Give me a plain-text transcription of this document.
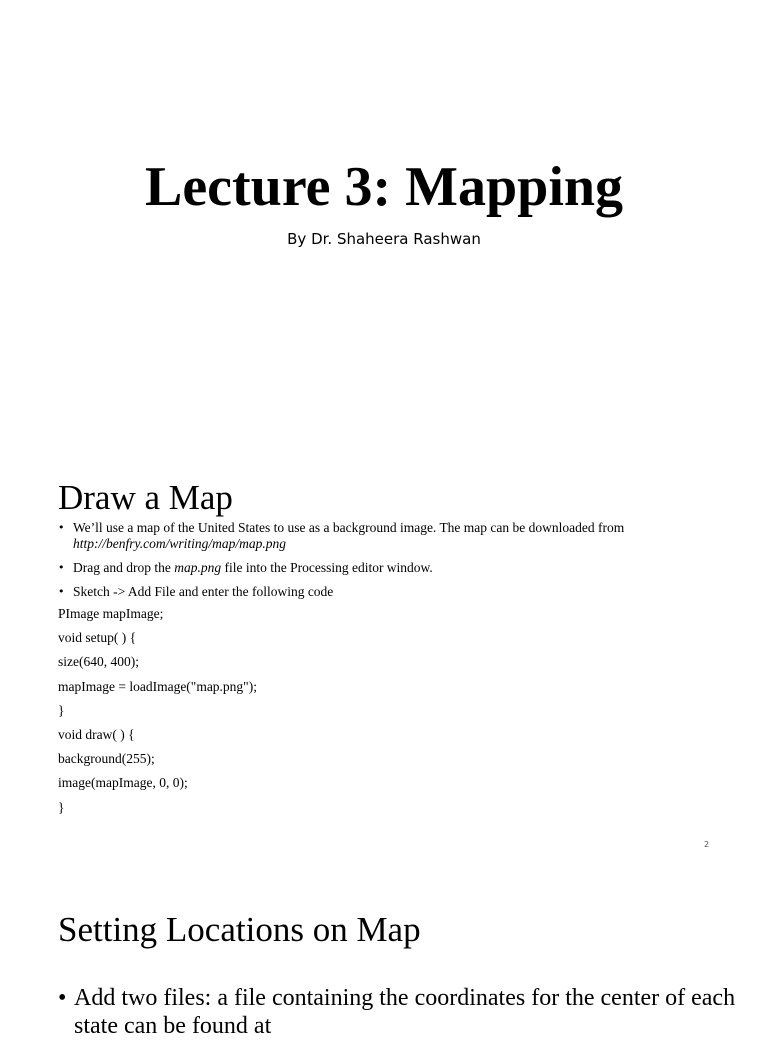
Lecture 3: Mapping
By Dr. Shaheera Rashwan
Draw a Map
• We’ll use a map of the United States to use as a background image. The map can be downloaded from
http://benfry.com/writing/map/map.png
• Drag and drop the map.png file into the Processing editor window.
• Sketch -> Add File and enter the following code
PImage mapImage;
void setup( ) {
size(640, 400);
mapImage = loadImage("map.png");
}
void draw( ) {
background(255);
image(mapImage, 0, 0);
}
2
Setting Locations on Map
• Add two files: a file containing the coordinates for the center of each state can be found at
